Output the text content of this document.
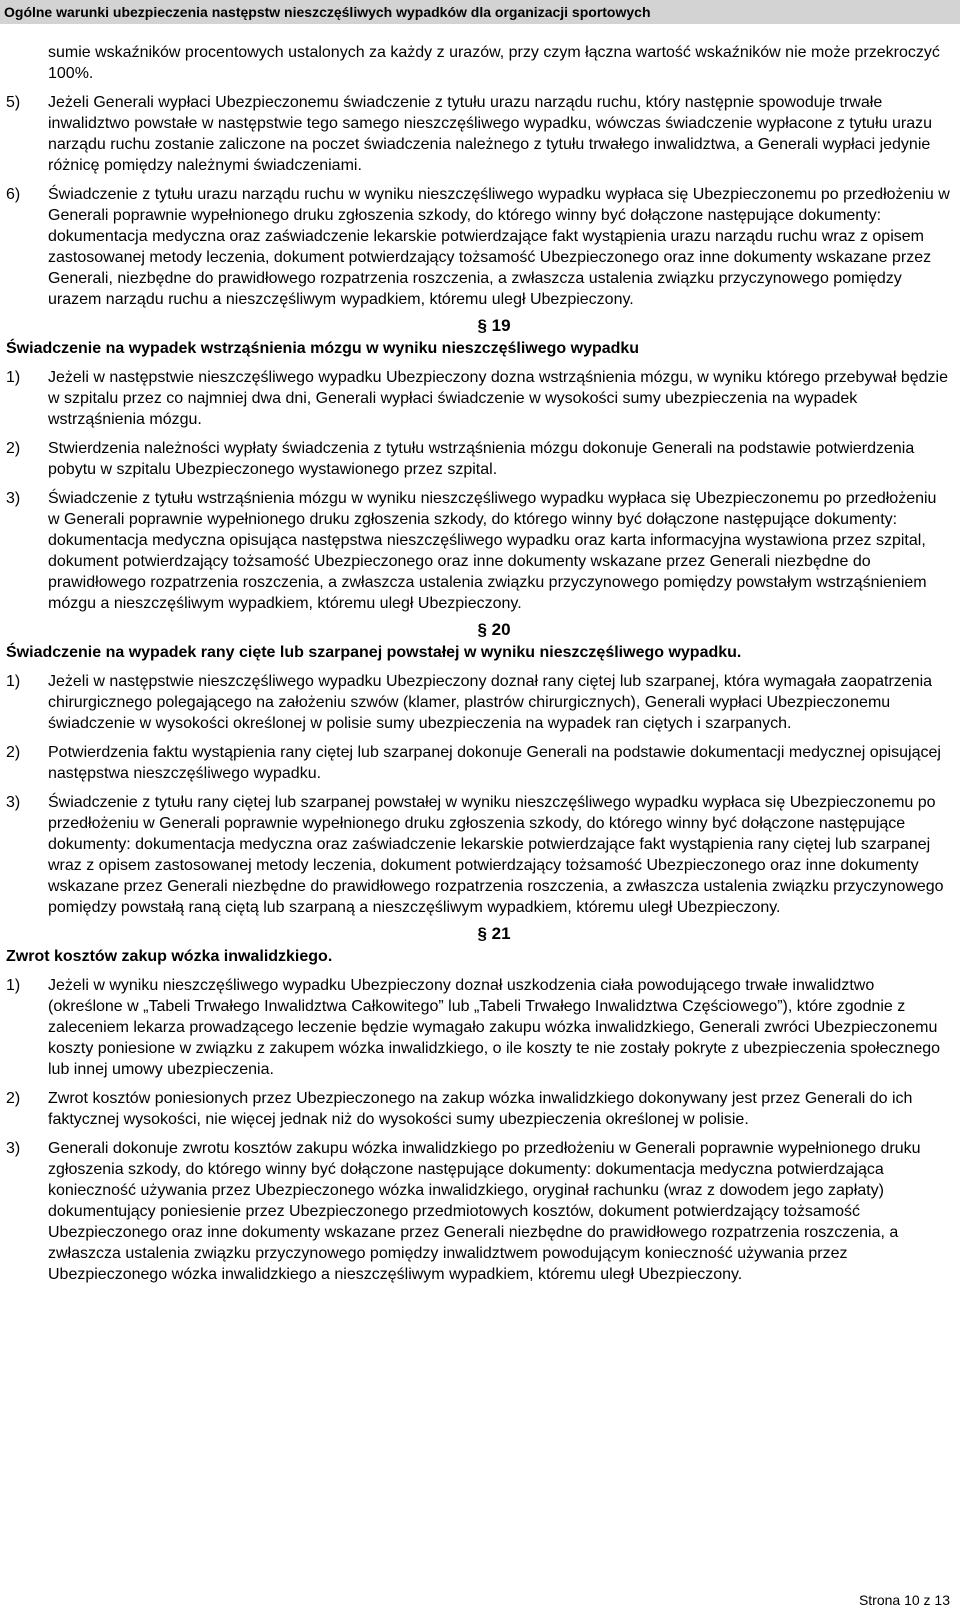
Ogólne warunki ubezpieczenia następstw nieszczęśliwych wypadków dla organizacji sportowych

sumie wskaźników procentowych ustalonych za każdy z urazów, przy czym łączna wartość wskaźników nie może przekroczyć 100%.

5) Jeżeli Generali wypłaci Ubezpieczonemu świadczenie z tytułu urazu narządu ruchu, który następnie spowoduje trwałe inwalidztwo powstałe w następstwie tego samego nieszczęśliwego wypadku, wówczas świadczenie wypłacone z tytułu urazu narządu ruchu zostanie zaliczone na poczet świadczenia należnego z tytułu trwałego inwalidztwa, a Generali wypłaci jedynie różnicę pomiędzy należnymi świadczeniami.

6) Świadczenie z tytułu urazu narządu ruchu w wyniku nieszczęśliwego wypadku wypłaca się Ubezpieczonemu po przedłożeniu w Generali poprawnie wypełnionego druku zgłoszenia szkody, do którego winny być dołączone następujące dokumenty: dokumentacja medyczna oraz zaświadczenie lekarskie potwierdzające fakt wystąpienia urazu narządu ruchu wraz z opisem zastosowanej metody leczenia, dokument potwierdzający tożsamość Ubezpieczonego oraz inne dokumenty wskazane przez Generali, niezbędne do prawidłowego rozpatrzenia roszczenia, a zwłaszcza ustalenia związku przyczynowego pomiędzy urazem narządu ruchu a nieszczęśliwym wypadkiem, któremu uległ Ubezpieczony.

§ 19

Świadczenie na wypadek wstrząśnienia mózgu w wyniku nieszczęśliwego wypadku

1) Jeżeli w następstwie nieszczęśliwego wypadku Ubezpieczony dozna wstrząśnienia mózgu, w wyniku którego przebywał będzie w szpitalu przez co najmniej dwa dni, Generali wypłaci świadczenie w wysokości sumy ubezpieczenia na wypadek wstrząśnienia mózgu.

2) Stwierdzenia należności wypłaty świadczenia z tytułu wstrząśnienia mózgu dokonuje Generali na podstawie potwierdzenia pobytu w szpitalu Ubezpieczonego wystawionego przez szpital.

3) Świadczenie z tytułu wstrząśnienia mózgu w wyniku nieszczęśliwego wypadku wypłaca się Ubezpieczonemu po przedłożeniu w Generali poprawnie wypełnionego druku zgłoszenia szkody, do którego winny być dołączone następujące dokumenty: dokumentacja medyczna opisująca następstwa nieszczęśliwego wypadku oraz karta informacyjna wystawiona przez szpital, dokument potwierdzający tożsamość Ubezpieczonego oraz inne dokumenty wskazane przez Generali niezbędne do prawidłowego rozpatrzenia roszczenia, a zwłaszcza ustalenia związku przyczynowego pomiędzy powstałym wstrząśnieniem mózgu a nieszczęśliwym wypadkiem, któremu uległ Ubezpieczony.

§ 20

Świadczenie na wypadek rany cięte lub szarpanej powstałej w wyniku nieszczęśliwego wypadku.

1) Jeżeli w następstwie nieszczęśliwego wypadku Ubezpieczony doznał rany ciętej lub szarpanej, która wymagała zaopatrzenia chirurgicznego polegającego na założeniu szwów (klamer, plastrów chirurgicznych), Generali wypłaci Ubezpieczonemu świadczenie w wysokości określonej w polisie sumy ubezpieczenia na wypadek ran ciętych i szarpanych.

2) Potwierdzenia faktu wystąpienia rany ciętej lub szarpanej dokonuje Generali na podstawie dokumentacji medycznej opisującej następstwa nieszczęśliwego wypadku.

3) Świadczenie z tytułu rany ciętej lub szarpanej powstałej w wyniku nieszczęśliwego wypadku wypłaca się Ubezpieczonemu po przedłożeniu w Generali poprawnie wypełnionego druku zgłoszenia szkody, do którego winny być dołączone następujące dokumenty: dokumentacja medyczna oraz zaświadczenie lekarskie potwierdzające fakt wystąpienia rany ciętej lub szarpanej wraz z opisem zastosowanej metody leczenia, dokument potwierdzający tożsamość Ubezpieczonego oraz inne dokumenty wskazane przez Generali niezbędne do prawidłowego rozpatrzenia roszczenia, a zwłaszcza ustalenia związku przyczynowego pomiędzy powstałą raną ciętą lub szarpaną a nieszczęśliwym wypadkiem, któremu uległ Ubezpieczony.

§ 21

Zwrot kosztów zakup wózka inwalidzkiego.

1) Jeżeli w wyniku nieszczęśliwego wypadku Ubezpieczony doznał uszkodzenia ciała powodującego trwałe inwalidztwo (określone w „Tabeli Trwałego Inwalidztwa Całkowitego” lub „Tabeli Trwałego Inwalidztwa Częściowego”), które zgodnie z zaleceniem lekarza prowadzącego leczenie będzie wymagało zakupu wózka inwalidzkiego, Generali zwróci Ubezpieczonemu koszty poniesione w związku z zakupem wózka inwalidzkiego, o ile koszty te nie zostały pokryte z ubezpieczenia społecznego lub innej umowy ubezpieczenia.

2) Zwrot kosztów poniesionych przez Ubezpieczonego na zakup wózka inwalidzkiego dokonywany jest przez Generali do ich faktycznej wysokości, nie więcej jednak niż do wysokości sumy ubezpieczenia określonej w polisie.

3) Generali dokonuje zwrotu kosztów zakupu wózka inwalidzkiego po przedłożeniu w Generali poprawnie wypełnionego druku zgłoszenia szkody, do którego winny być dołączone następujące dokumenty: dokumentacja medyczna potwierdzająca konieczność używania przez Ubezpieczonego wózka inwalidzkiego, oryginał rachunku (wraz z dowodem jego zapłaty) dokumentujący poniesienie przez Ubezpieczonego przedmiotowych kosztów, dokument potwierdzający tożsamość Ubezpieczonego oraz inne dokumenty wskazane przez Generali niezbędne do prawidłowego rozpatrzenia roszczenia, a zwłaszcza ustalenia związku przyczynowego pomiędzy inwalidztwem powodującym konieczność używania przez Ubezpieczonego wózka inwalidzkiego a nieszczęśliwym wypadkiem, któremu uległ Ubezpieczony.

Strona 10 z 13
